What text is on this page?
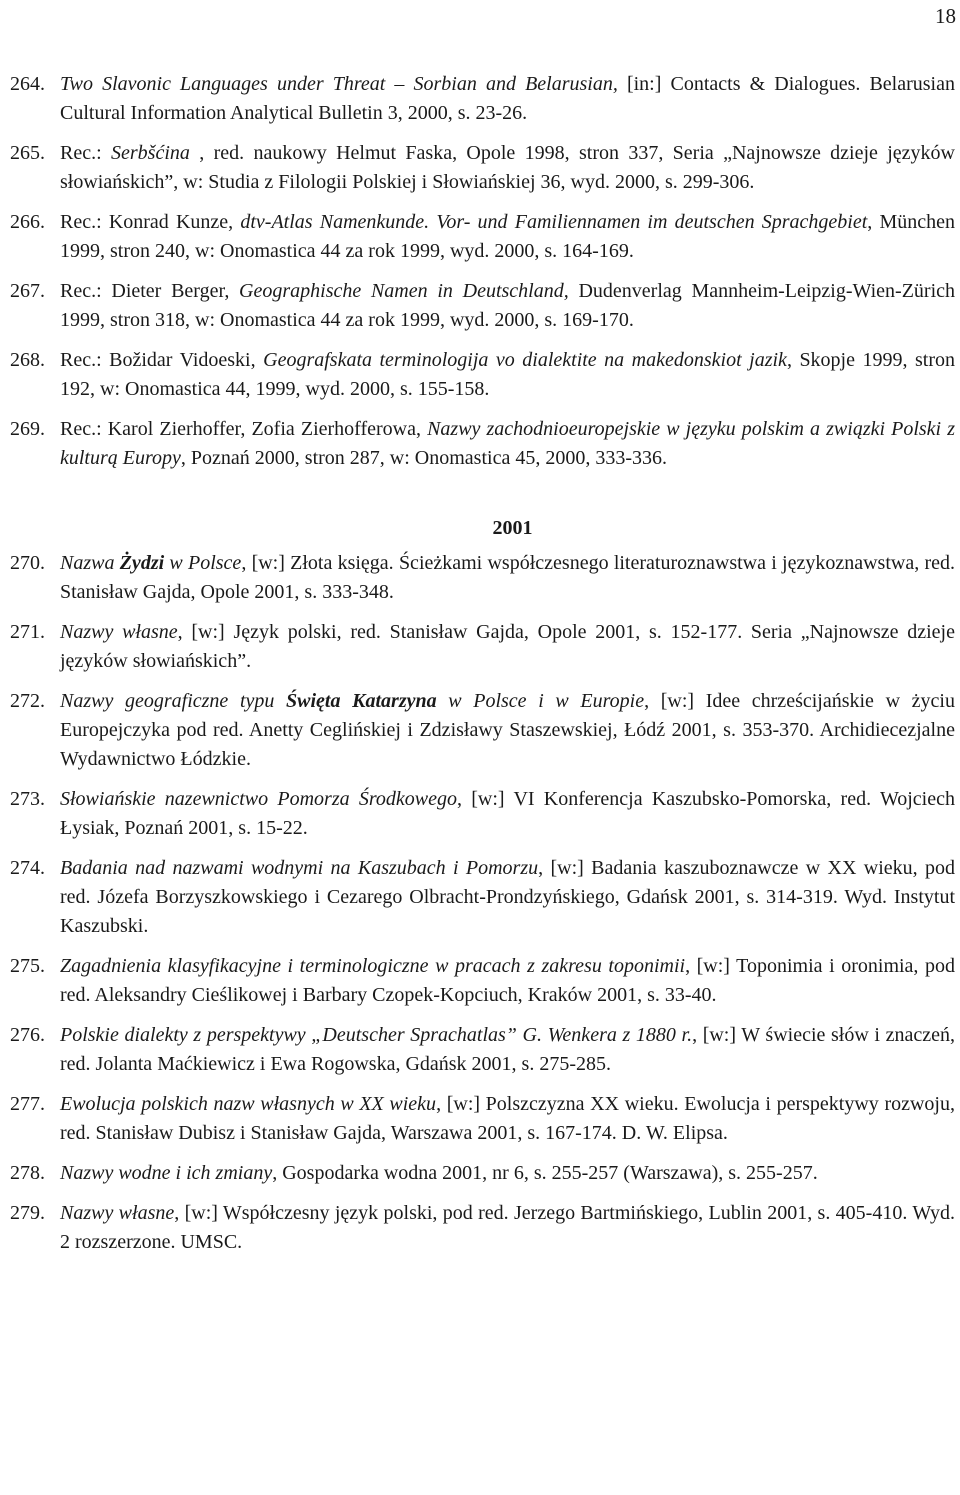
18
264. Two Slavonic Languages under Threat – Sorbian and Belarusian, [in:] Contacts & Dialogues. Belarusian Cultural Information Analytical Bulletin 3, 2000, s. 23-26.
265. Rec.: Serbšćina , red. naukowy Helmut Faska, Opole 1998, stron 337, Seria „Najnowsze dzieje języków słowiańskich”, w: Studia z Filologii Polskiej i Słowiańskiej 36, wyd. 2000, s. 299-306.
266. Rec.: Konrad Kunze, dtv-Atlas Namenkunde. Vor- und Familiennamen im deutschen Sprachgebiet, München 1999, stron 240, w: Onomastica 44 za rok 1999, wyd. 2000, s. 164-169.
267. Rec.: Dieter Berger, Geographische Namen in Deutschland, Dudenverlag Mannheim-Leipzig-Wien-Zürich 1999, stron 318, w: Onomastica 44 za rok 1999, wyd. 2000, s. 169-170.
268. Rec.: Božidar Vidoeski, Geografskata terminologija vo dialektite na makedonskiot jazik, Skopje 1999, stron 192, w: Onomastica 44, 1999, wyd. 2000, s. 155-158.
269. Rec.: Karol Zierhoffer, Zofia Zierhofferowa, Nazwy zachodnioeuropejskie w języku polskim a związki Polski z kulturą Europy, Poznań 2000, stron 287, w: Onomastica 45, 2000, 333-336.
2001
270. Nazwa Żydzi w Polsce, [w:] Złota księga. Ścieżkami współczesnego literaturoznawstwa i językoznawstwa, red. Stanisław Gajda, Opole 2001, s. 333-348.
271. Nazwy własne, [w:] Język polski, red. Stanisław Gajda, Opole 2001, s. 152-177. Seria „Najnowsze dzieje języków słowiańskich”.
272. Nazwy geograficzne typu Święta Katarzyna w Polsce i w Europie, [w:] Idee chrześcijańskie w życiu Europejczyka pod red. Anetty Ceglińskiej i Zdzisławy Staszewskiej, Łódź 2001, s. 353-370. Archidiecezjalne Wydawnictwo Łódzkie.
273. Słowiańskie nazewnictwo Pomorza Środkowego, [w:] VI Konferencja Kaszubsko-Pomorska, red. Wojciech Łysiak, Poznań 2001, s. 15-22.
274. Badania nad nazwami wodnymi na Kaszubach i Pomorzu, [w:] Badania kaszuboznawcze w XX wieku, pod red. Józefa Borzyszkowskiego i Cezarego Olbracht-Prondzyńskiego, Gdańsk 2001, s. 314-319. Wyd. Instytut Kaszubski.
275. Zagadnienia klasyfikacyjne i terminologiczne w pracach z zakresu toponimii, [w:] Toponimia i oronimia, pod red. Aleksandry Cieślikowej i Barbary Czopek-Kopciuch, Kraków 2001, s. 33-40.
276. Polskie dialekty z perspektywy „Deutscher Sprachatlas” G. Wenkera z 1880 r., [w:] W świecie słów i znaczeń, red. Jolanta Maćkiewicz i Ewa Rogowska, Gdańsk 2001, s. 275-285.
277. Ewolucja polskich nazw własnych w XX wieku, [w:] Polszczyzna XX wieku. Ewolucja i perspektywy rozwoju, red. Stanisław Dubisz i Stanisław Gajda, Warszawa 2001, s. 167-174. D. W. Elipsa.
278. Nazwy wodne i ich zmiany, Gospodarka wodna 2001, nr 6, s. 255-257 (Warszawa), s. 255-257.
279. Nazwy własne, [w:] Współczesny język polski, pod red. Jerzego Bartmińskiego, Lublin 2001, s. 405-410. Wyd. 2 rozszerzone. UMSC.
